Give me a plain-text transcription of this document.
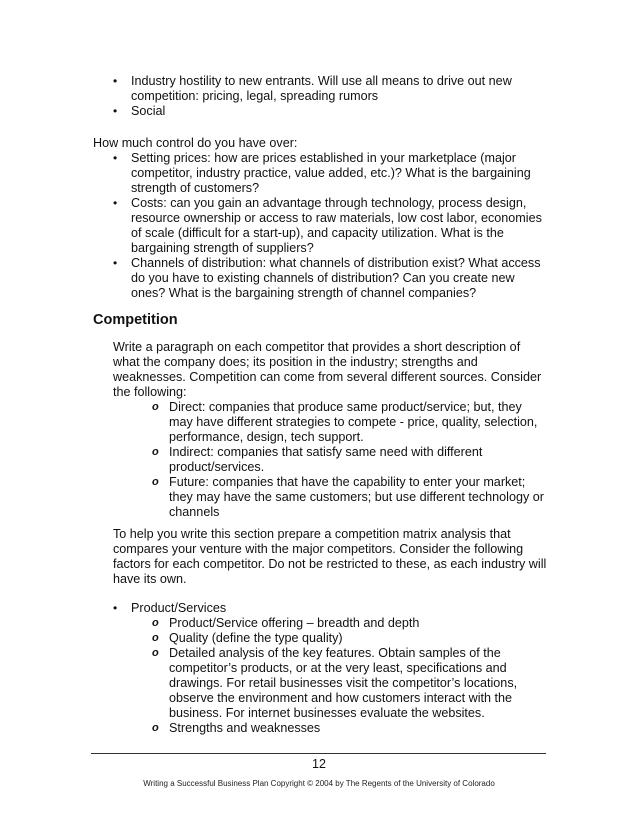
• Industry hostility to new entrants. Will use all means to drive out new competition: pricing, legal, spreading rumors
• Social
How much control do you have over:
• Setting prices: how are prices established in your marketplace (major competitor, industry practice, value added, etc.)? What is the bargaining strength of customers?
• Costs: can you gain an advantage through technology, process design, resource ownership or access to raw materials, low cost labor, economies of scale (difficult for a start-up), and capacity utilization. What is the bargaining strength of suppliers?
• Channels of distribution: what channels of distribution exist? What access do you have to existing channels of distribution? Can you create new ones? What is the bargaining strength of channel companies?
Competition
Write a paragraph on each competitor that provides a short description of what the company does; its position in the industry; strengths and weaknesses. Competition can come from several different sources. Consider the following:
o Direct: companies that produce same product/service; but, they may have different strategies to compete - price, quality, selection, performance, design, tech support.
o Indirect: companies that satisfy same need with different product/services.
o Future: companies that have the capability to enter your market; they may have the same customers; but use different technology or channels
To help you write this section prepare a competition matrix analysis that compares your venture with the major competitors. Consider the following factors for each competitor. Do not be restricted to these, as each industry will have its own.
• Product/Services
o Product/Service offering – breadth and depth
o Quality (define the type quality)
o Detailed analysis of the key features. Obtain samples of the competitor’s products, or at the very least, specifications and drawings. For retail businesses visit the competitor’s locations, observe the environment and how customers interact with the business. For internet businesses evaluate the websites.
o Strengths and weaknesses
12
Writing a Successful Business Plan Copyright © 2004 by The Regents of the University of Colorado
